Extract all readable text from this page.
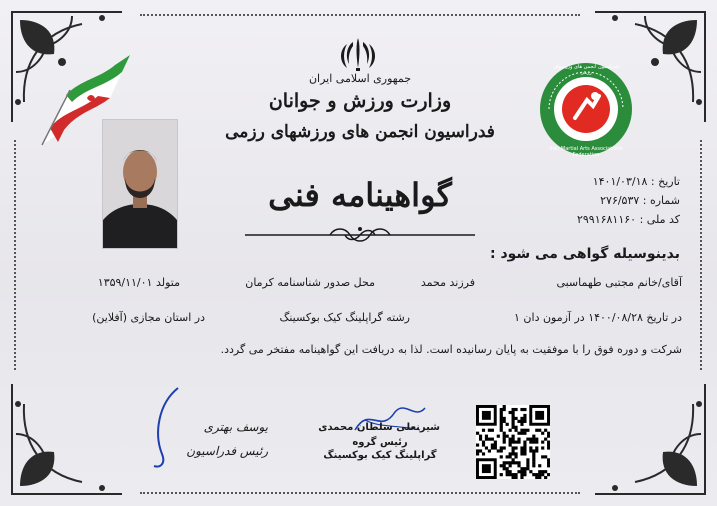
جمهوری اسلامی ایران
وزارت ورزش و جوانان
فدراسیون انجمن های ورزشهای رزمی
گواهینامه فنی
فدراسیون انجمن های ورزشهای رزمی
Iran Martial Arts Associations Federation
تاریخ : ۱۴۰۱/۰۳/۱۸
شماره : ۲۷۶/۵۳۷
کد ملی : ۲۹۹۱۶۸۱۱۶۰
بدینوسیله گواهی می شود :
آقای/خانم مجتبی طهماسبی
فرزند محمد
محل صدور شناسنامه کرمان
متولد ۱۳۵۹/۱۱/۰۱
در تاریخ ۱۴۰۰/۰۸/۲۸ در آزمون دان ۱
رشته گراپلینگ کیک بوکسینگ
در استان مجازی (آفلاین)
شرکت و دوره فوق را با موفقیت به پایان رسانیده است. لذا به دریافت این گواهینامه مفتخر می گردد.
یوسف بهتری
رئیس فدراسیون
شیرنعلی سلطان محمدی
رئیس گروه
گراپلینگ کیک بوکسینگ
